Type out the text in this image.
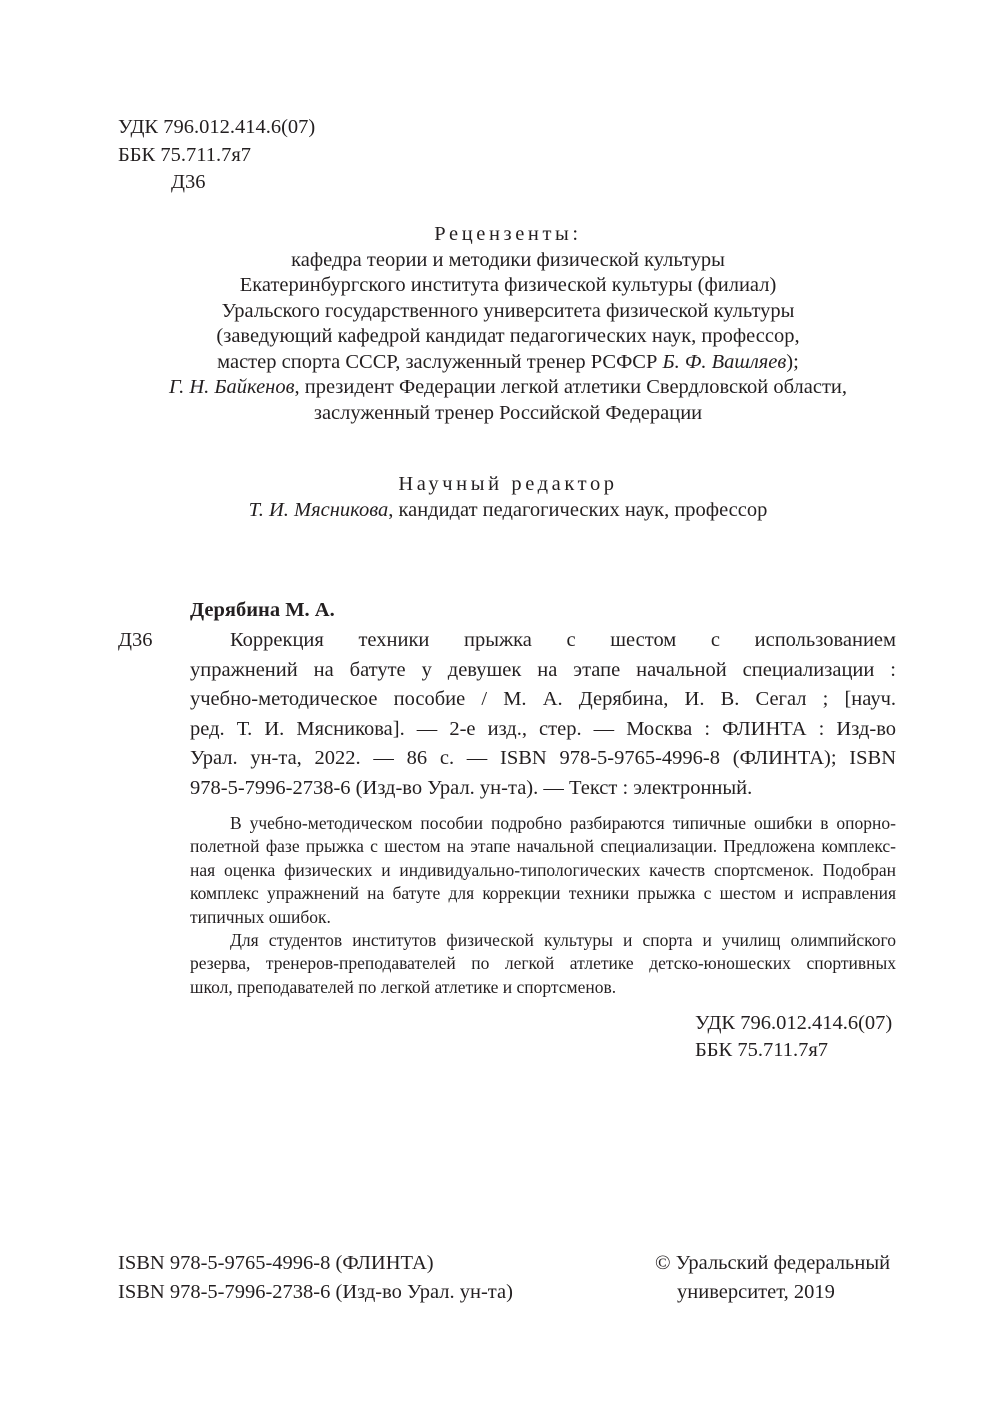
УДК 796.012.414.6(07)
ББК 75.711.7я7
Д36
Рецензенты:
кафедра теории и методики физической культуры
Екатеринбургского института физической культуры (филиал)
Уральского государственного университета физической культуры
(заведующий кафедрой кандидат педагогических наук, профессор,
мастер спорта СССР, заслуженный тренер РСФСР Б. Ф. Вашляев);
Г. Н. Байкенов, президент Федерации легкой атлетики Свердловской области,
заслуженный тренер Российской Федерации
Научный редактор
Т. И. Мясникова, кандидат педагогических наук, профессор
Дерябина М. А.
Д36	Коррекция техники прыжка с шестом с использованием
упражнений на батуте у девушек на этапе начальной специализации :
учебно-методическое пособие / М. А. Дерябина, И. В. Сегал ; [науч.
ред. Т. И. Мясникова]. — 2-е изд., стер. — Москва : ФЛИНТА : Изд-во
Урал. ун-та, 2022. — 86 с. — ISBN 978-5-9765-4996-8 (ФЛИНТА); ISBN
978-5-7996-2738-6 (Изд-во Урал. ун-та). — Текст : электронный.
В учебно-методическом пособии подробно разбираются типичные ошибки в опорно-
полетной фазе прыжка с шестом на этапе начальной специализации. Предложена комплекс-
ная оценка физических и индивидуально-типологических качеств спортсменок. Подобран
комплекс упражнений на батуте для коррекции техники прыжка с шестом и исправления
типичных ошибок.
Для студентов институтов физической культуры и спорта и училищ олимпийского
резерва, тренеров-преподавателей по легкой атлетике детско-юношеских спортивных
школ, преподавателей по легкой атлетике и спортсменов.
УДК 796.012.414.6(07)
ББК 75.711.7я7
ISBN 978-5-9765-4996-8 (ФЛИНТА)
ISBN 978-5-7996-2738-6 (Изд-во Урал. ун-та)
© Уральский федеральный
университет, 2019
